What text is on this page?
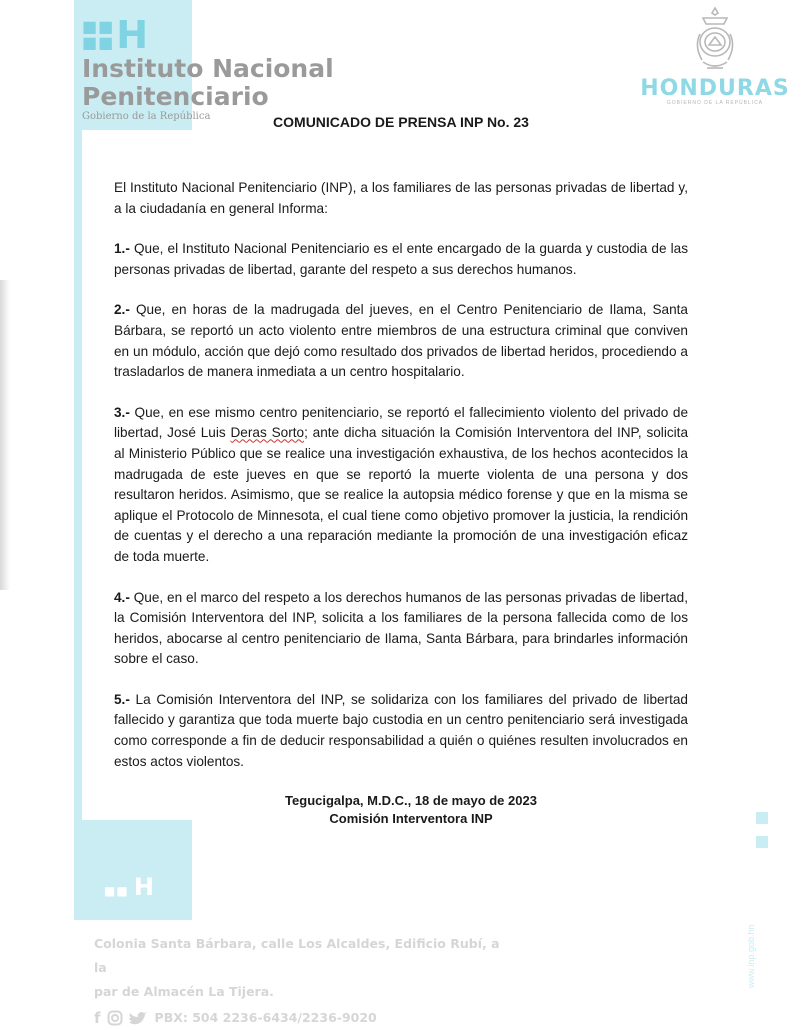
■■
■■ H
Instituto Nacional
Penitenciario
Gobierno de la República
HONDURAS
GOBIERNO DE LA REPÚBLICA
COMUNICADO DE PRENSA INP No. 23

El Instituto Nacional Penitenciario (INP), a los familiares de las personas privadas de libertad y, a la ciudadanía en general Informa:

1.- Que, el Instituto Nacional Penitenciario es el ente encargado de la guarda y custodia de las personas privadas de libertad, garante del respeto a sus derechos humanos.

2.- Que, en horas de la madrugada del jueves, en el Centro Penitenciario de Ilama, Santa Bárbara, se reportó un acto violento entre miembros de una estructura criminal que conviven en un módulo, acción que dejó como resultado dos privados de libertad heridos, procediendo a trasladarlos de manera inmediata a un centro hospitalario.

3.- Que, en ese mismo centro penitenciario, se reportó el fallecimiento violento del privado de libertad, José Luis Deras Sorto; ante dicha situación la Comisión Interventora del INP, solicita al Ministerio Público que se realice una investigación exhaustiva, de los hechos acontecidos la madrugada de este jueves en que se reportó la muerte violenta de una persona y dos resultaron heridos. Asimismo, que se realice la autopsia médico forense y que en la misma se aplique el Protocolo de Minnesota, el cual tiene como objetivo promover la justicia, la rendición de cuentas y el derecho a una reparación mediante la promoción de una investigación eficaz de toda muerte.

4.- Que, en el marco del respeto a los derechos humanos de las personas privadas de libertad, la Comisión Interventora del INP, solicita a los familiares de la persona fallecida como de los heridos, abocarse al centro penitenciario de Ilama, Santa Bárbara, para brindarles información sobre el caso.

5.- La Comisión Interventora del INP, se solidariza con los familiares del privado de libertad fallecido y garantiza que toda muerte bajo custodia en un centro penitenciario será investigada como corresponde a fin de deducir responsabilidad a quién o quiénes resulten involucrados en estos actos violentos.

Tegucigalpa, M.D.C., 18 de mayo de 2023
Comisión Interventora INP
■■ H
www.inp.gob.hn
Colonia Santa Bárbara, calle Los Alcaldes, Edificio Rubí, a la
par de Almacén La Tijera.
f	PBX: 504 2236-6434/2236-9020
